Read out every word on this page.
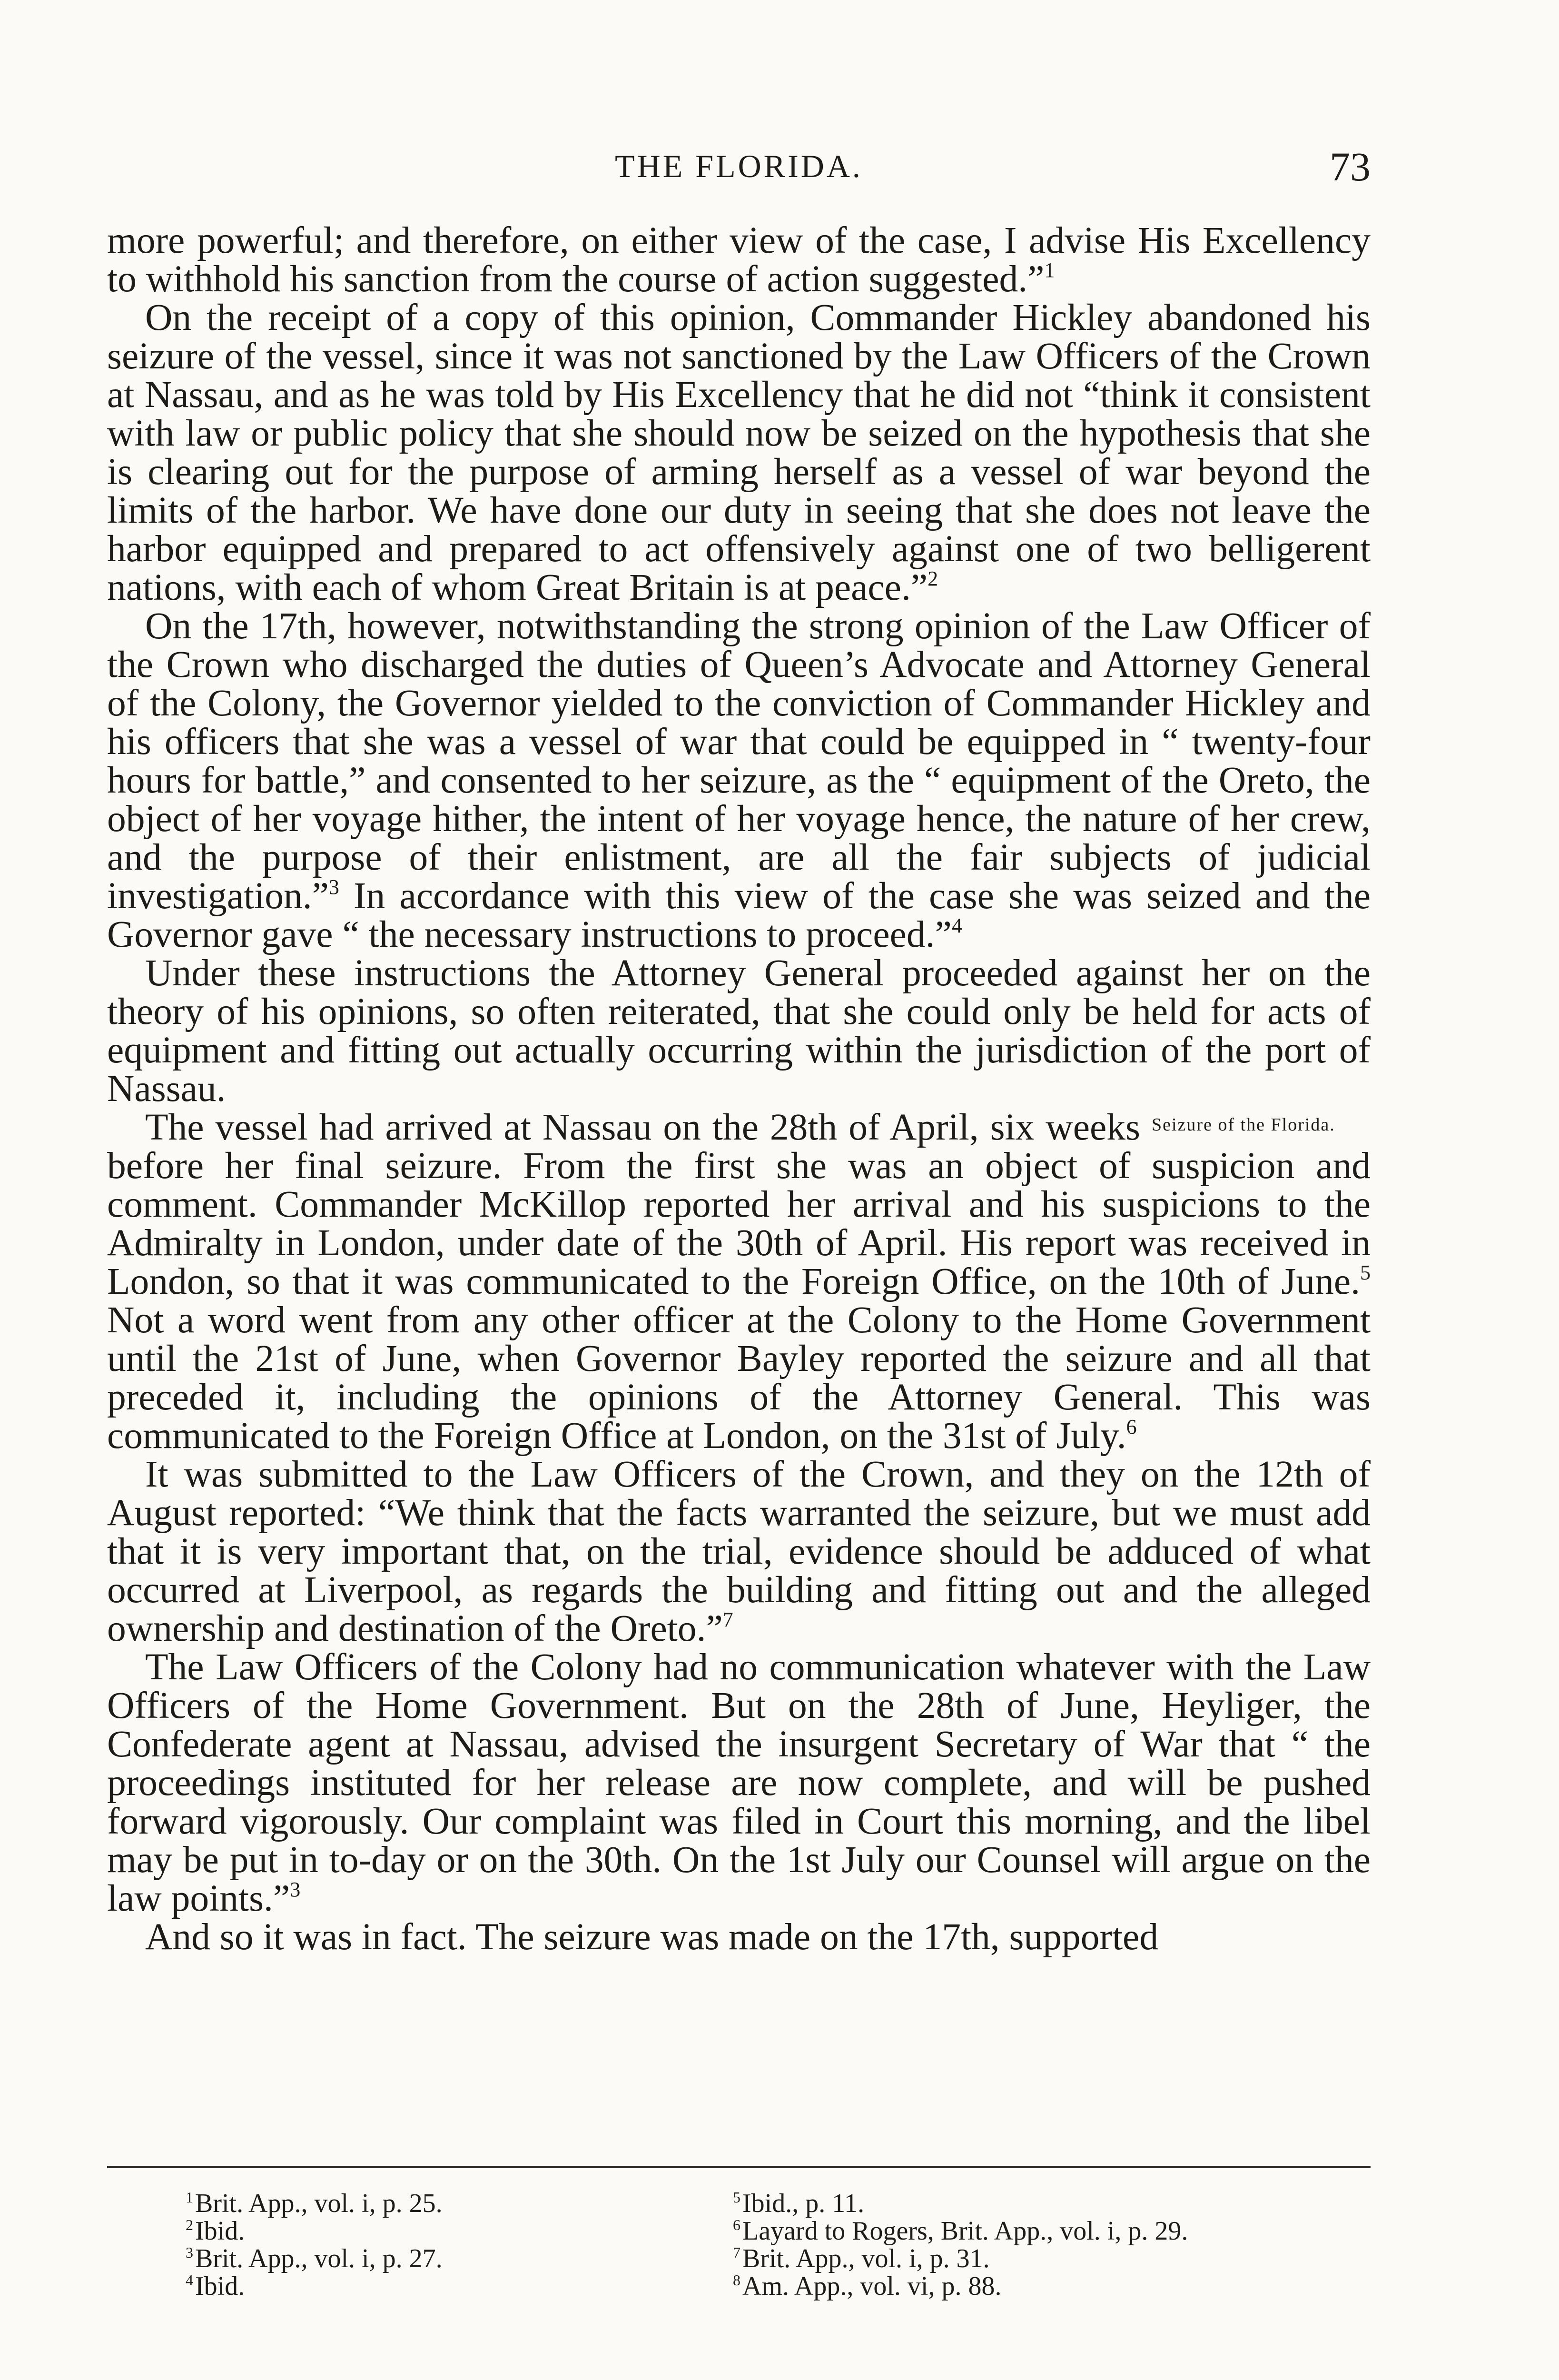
THE FLORIDA.	73

more powerful; and therefore, on either view of the case, I advise His Excellency to withhold his sanction from the course of action suggested.”$^1$

On the receipt of a copy of this opinion, Commander Hickley abandoned his seizure of the vessel, since it was not sanctioned by the Law Officers of the Crown at Nassau, and as he was told by His Excellency that he did not “think it consistent with law or public policy that she should now be seized on the hypothesis that she is clearing out for the purpose of arming herself as a vessel of war beyond the limits of the harbor. We have done our duty in seeing that she does not leave the harbor equipped and prepared to act offensively against one of two belligerent nations, with each of whom Great Britain is at peace.”$^2$

On the 17th, however, notwithstanding the strong opinion of the Law Officer of the Crown who discharged the duties of Queen’s Advocate and Attorney General of the Colony, the Governor yielded to the conviction of Commander Hickley and his officers that she was a vessel of war that could be equipped in “ twenty-four hours for battle,” and consented to her seizure, as the “ equipment of the Oreto, the object of her voyage hither, the intent of her voyage hence, the nature of her crew, and the purpose of their enlistment, are all the fair subjects of judicial investigation.”$^3$ In accordance with this view of the case she was seized and the Governor gave “ the necessary instructions to proceed.”$^4$

Under these instructions the Attorney General proceeded against her on the theory of his opinions, so often reiterated, that she could only be held for acts of equipment and fitting out actually occurring within the jurisdiction of the port of Nassau.

Seizure of the Florida.
The vessel had arrived at Nassau on the 28th of April, six weeks before her final seizure. From the first she was an object of suspicion and comment. Commander McKillop reported her arrival and his suspicions to the Admiralty in London, under date of the 30th of April. His report was received in London, so that it was communicated to the Foreign Office, on the 10th of June.$^5$ Not a word went from any other officer at the Colony to the Home Government until the 21st of June, when Governor Bayley reported the seizure and all that preceded it, including the opinions of the Attorney General. This was communicated to the Foreign Office at London, on the 31st of July.$^6$

It was submitted to the Law Officers of the Crown, and they on the 12th of August reported: “We think that the facts warranted the seizure, but we must add that it is very important that, on the trial, evidence should be adduced of what occurred at Liverpool, as regards the building and fitting out and the alleged ownership and destination of the Oreto.”$^7$

The Law Officers of the Colony had no communication whatever with the Law Officers of the Home Government. But on the 28th of June, Heyliger, the Confederate agent at Nassau, advised the insurgent Secretary of War that “ the proceedings instituted for her release are now complete, and will be pushed forward vigorously. Our complaint was filed in Court this morning, and the libel may be put in to-day or on the 30th. On the 1st July our Counsel will argue on the law points.”$^3$

And so it was in fact. The seizure was made on the 17th, supported

$^1$Brit. App., vol. i, p. 25.
$^2$Ibid.
$^3$Brit. App., vol. i, p. 27.
$^4$Ibid.
$^5$Ibid., p. 11.
$^6$Layard to Rogers, Brit. App., vol. i, p. 29.
$^7$Brit. App., vol. i, p. 31.
$^8$Am. App., vol. vi, p. 88.
